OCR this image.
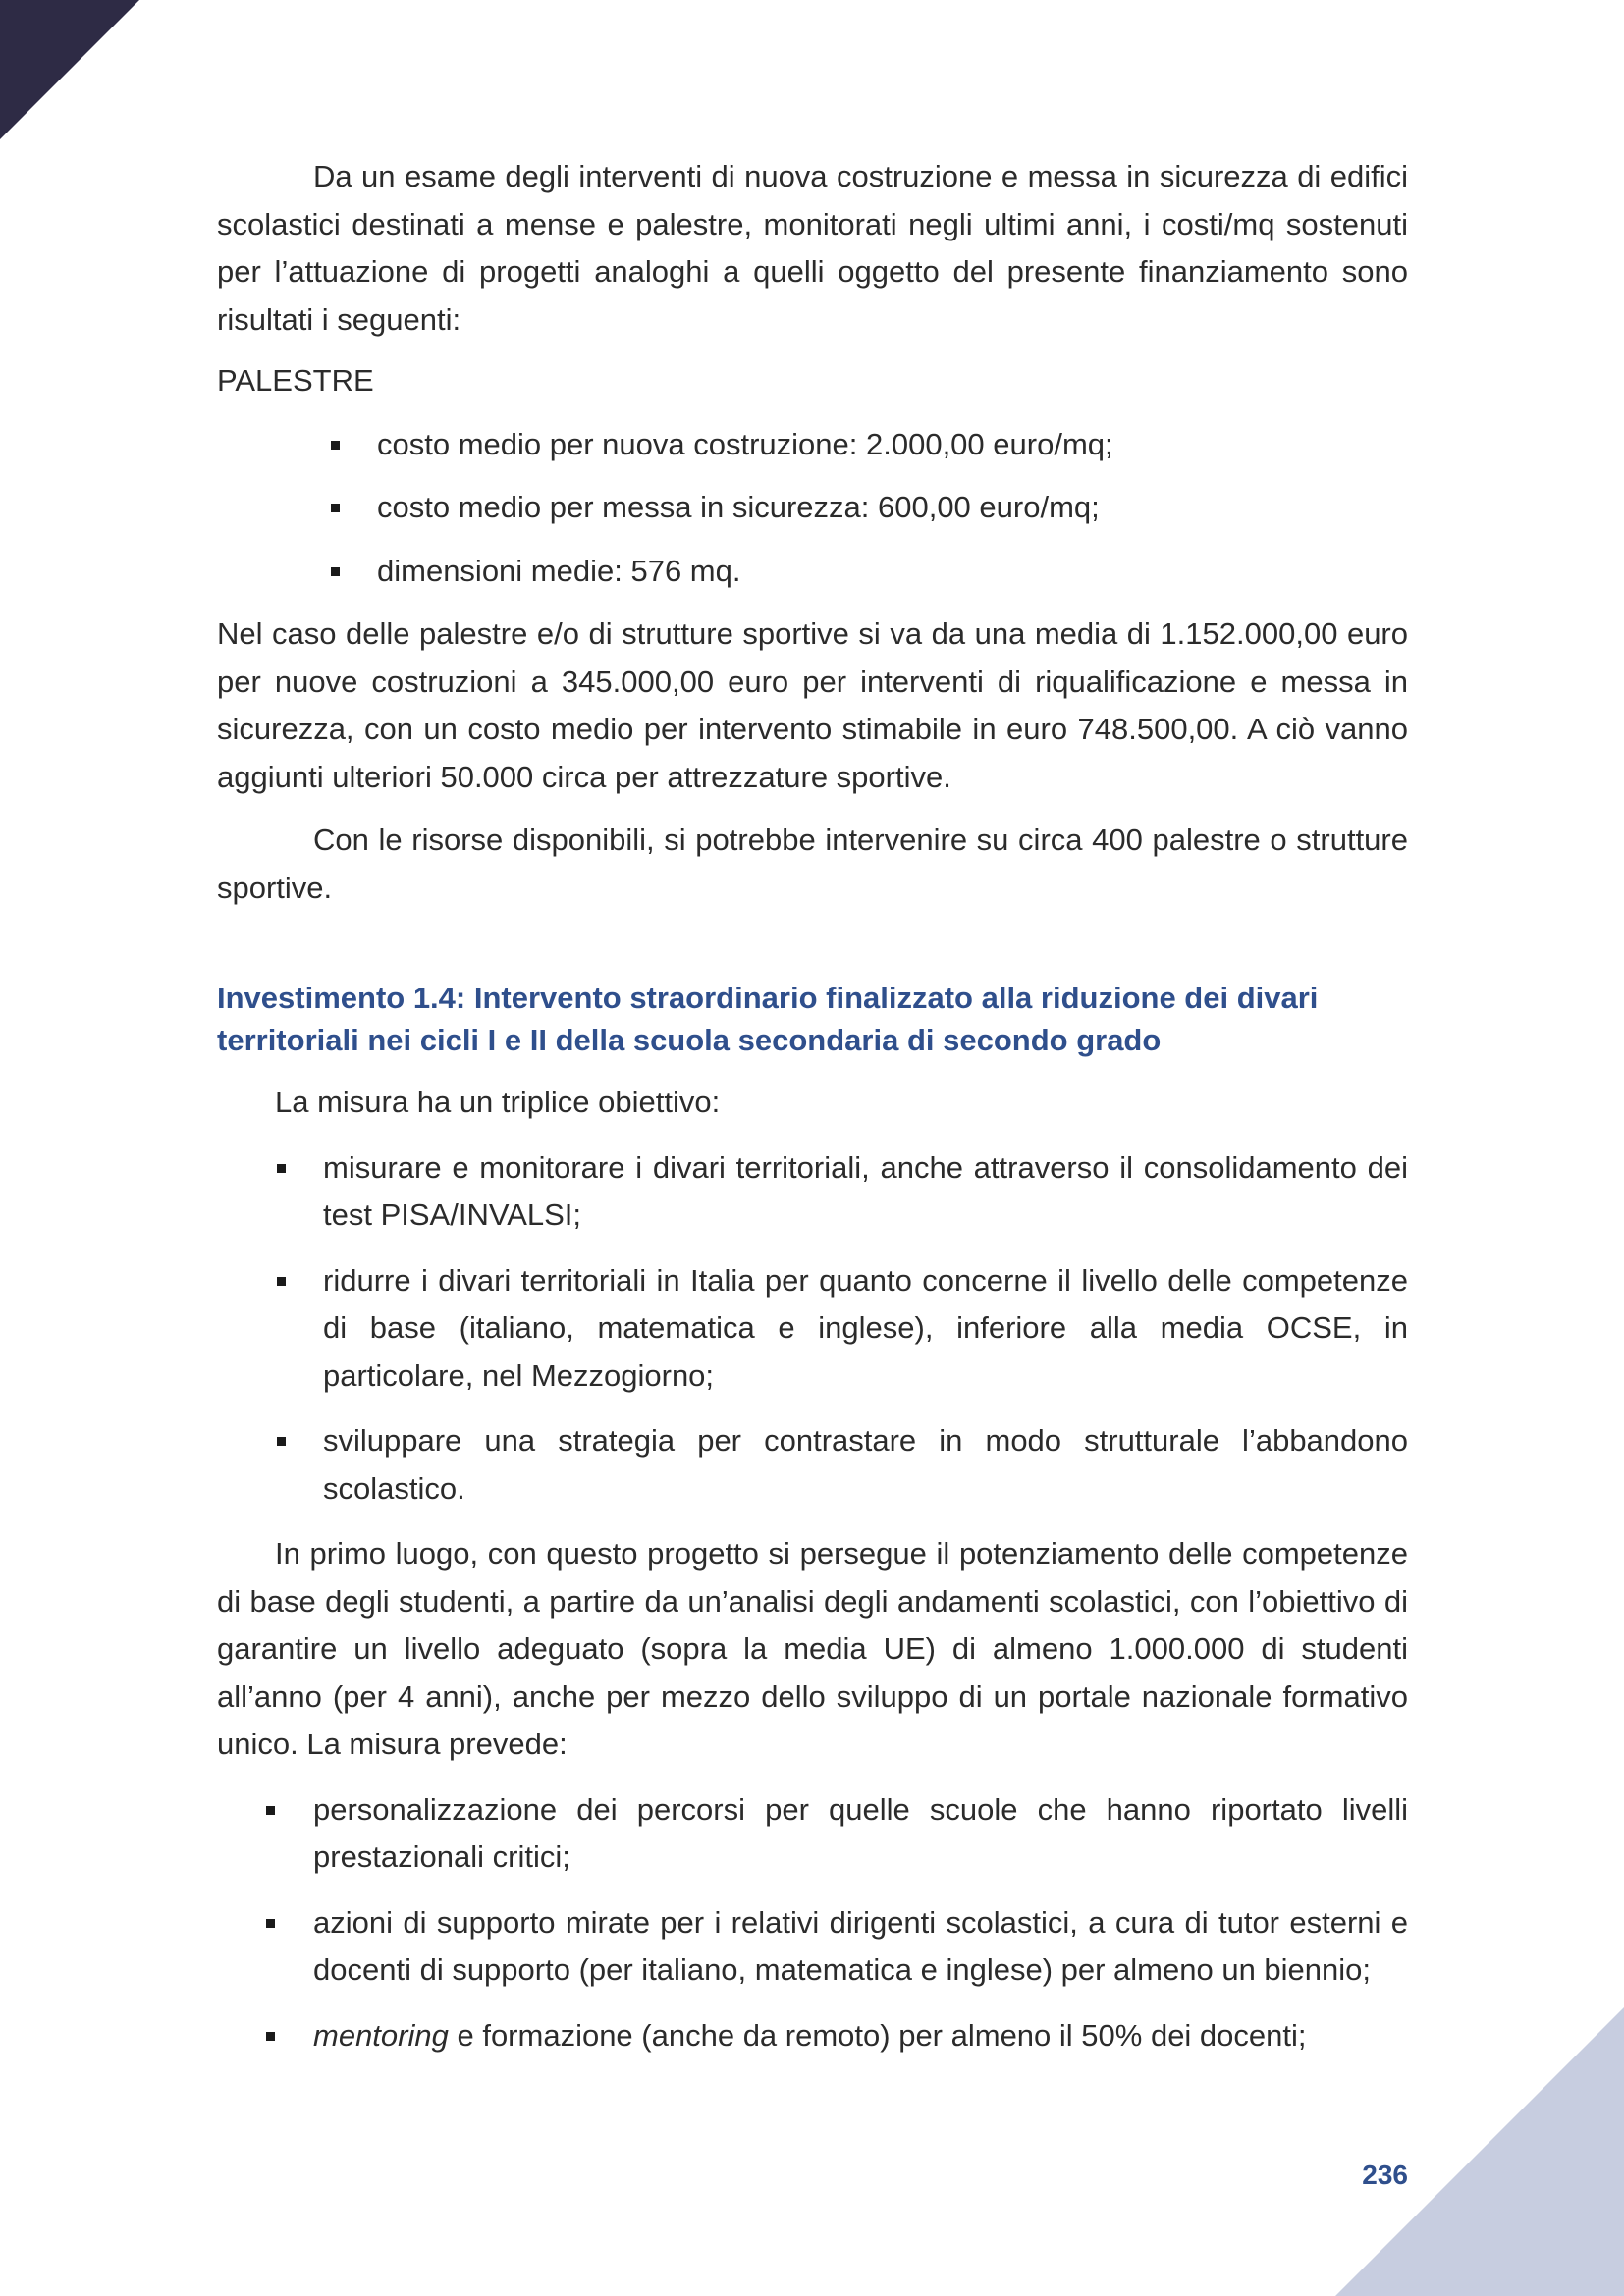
Da un esame degli interventi di nuova costruzione e messa in sicurezza di edifici scolastici destinati a mense e palestre, monitorati negli ultimi anni, i costi/mq sostenuti per l’attuazione di progetti analoghi a quelli oggetto del presente finanziamento sono risultati i seguenti:

PALESTRE

costo medio per nuova costruzione: 2.000,00 euro/mq;
costo medio per messa in sicurezza: 600,00 euro/mq;
dimensioni medie: 576 mq.

Nel caso delle palestre e/o di strutture sportive si va da una media di 1.152.000,00 euro per nuove costruzioni a 345.000,00 euro per interventi di riqualificazione e messa in sicurezza, con un costo medio per intervento stimabile in euro 748.500,00. A ciò vanno aggiunti ulteriori 50.000 circa per attrezzature sportive.

Con le risorse disponibili, si potrebbe intervenire su circa 400 palestre o strutture sportive.

Investimento 1.4: Intervento straordinario finalizzato alla riduzione dei divari territoriali nei cicli I e II della scuola secondaria di secondo grado

La misura ha un triplice obiettivo:

misurare e monitorare i divari territoriali, anche attraverso il consolidamento dei test PISA/INVALSI;
ridurre i divari territoriali in Italia per quanto concerne il livello delle competenze di base (italiano, matematica e inglese), inferiore alla media OCSE, in particolare, nel Mezzogiorno;
sviluppare una strategia per contrastare in modo strutturale l’abbandono scolastico.

In primo luogo, con questo progetto si persegue il potenziamento delle competenze di base degli studenti, a partire da un’analisi degli andamenti scolastici, con l’obiettivo di garantire un livello adeguato (sopra la media UE) di almeno 1.000.000 di studenti all’anno (per 4 anni), anche per mezzo dello sviluppo di un portale nazionale formativo unico. La misura prevede:

personalizzazione dei percorsi per quelle scuole che hanno riportato livelli prestazionali critici;
azioni di supporto mirate per i relativi dirigenti scolastici, a cura di tutor esterni e docenti di supporto (per italiano, matematica e inglese) per almeno un biennio;
mentoring e formazione (anche da remoto) per almeno il 50% dei docenti;
236
